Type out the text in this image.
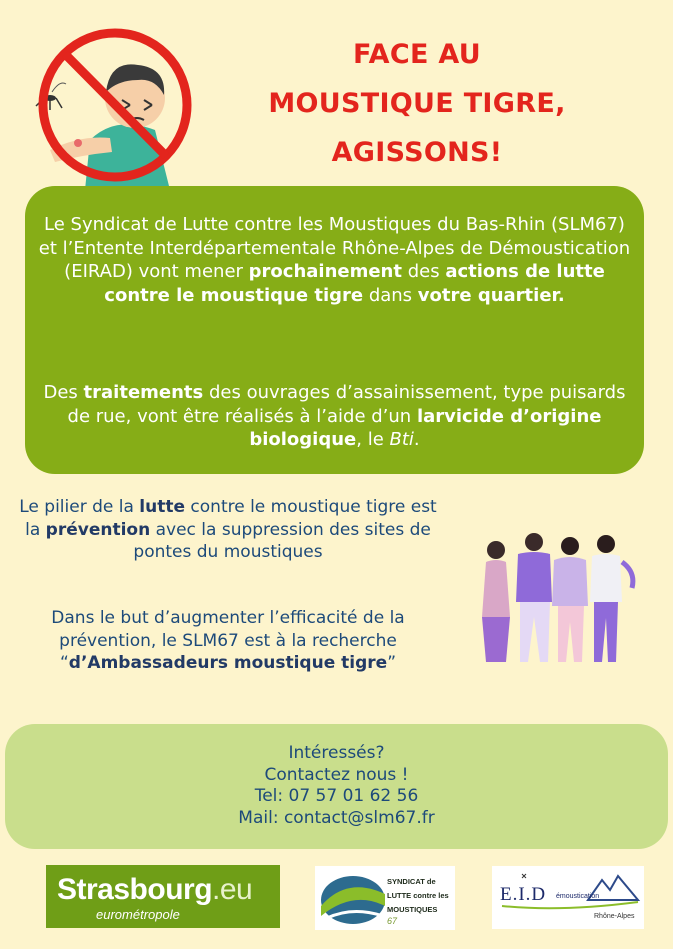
FACE AU
MOUSTIQUE TIGRE,
AGISSONS!

Le Syndicat de Lutte contre les Moustiques du Bas-Rhin (SLM67) et l’Entente Interdépartementale Rhône-Alpes de Démoustication (EIRAD) vont mener prochainement des actions de lutte contre le moustique tigre dans votre quartier.

Des traitements des ouvrages d’assainissement, type puisards de rue, vont être réalisés à l’aide d’un larvicide d’origine biologique, le Bti.

Le pilier de la lutte contre le moustique tigre est la prévention avec la suppression des sites de pontes du moustiques

Dans le but d’augmenter l’efficacité de la prévention, le SLM67 est à la recherche “d’Ambassadeurs moustique tigre”

Intéressés?
Contactez nous !
Tel: 07 57 01 62 56
Mail: contact@slm67.fr
Strasbourg.eu
eurométropole
SYNDICAT de
LUTTE contre les
MOUSTIQUES
67
E.I.D émoustication
Rhône-Alpes
